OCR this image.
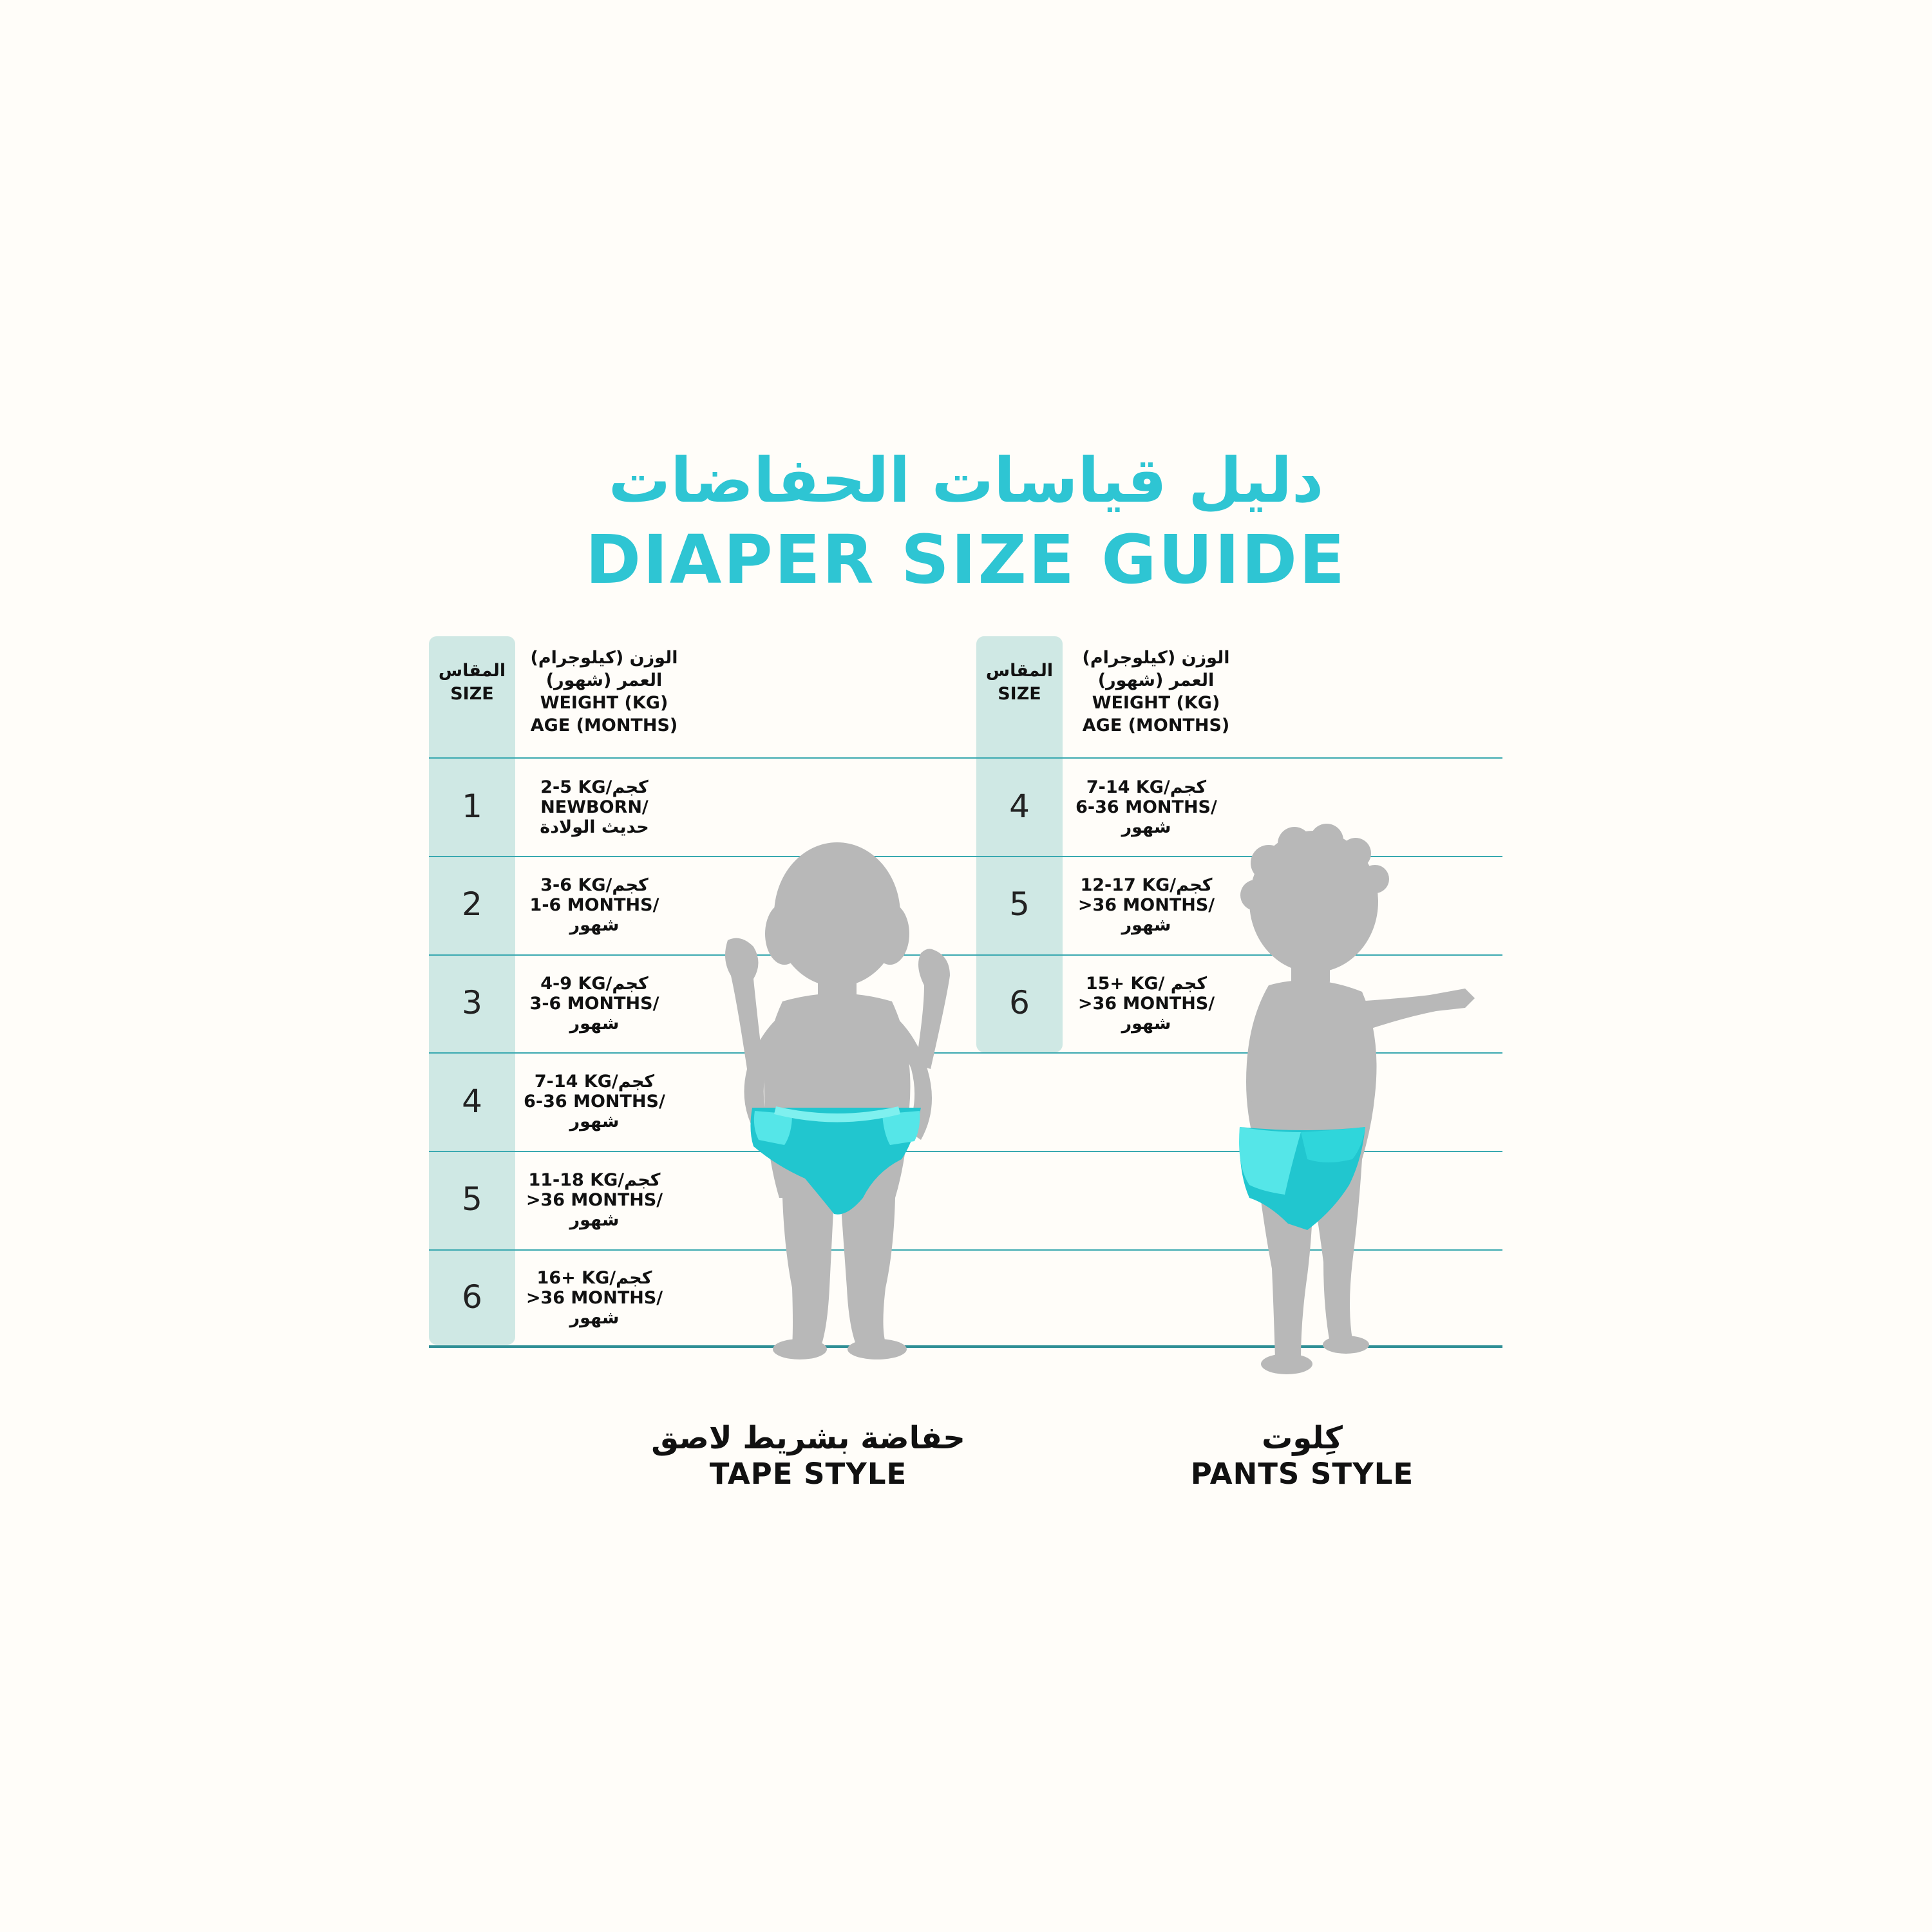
دليل قياسات الحفاضات
DIAPER SIZE GUIDE
المقاس
SIZE
الوزن (كيلوجرام)
العمر (شهور)
WEIGHT (KG)
AGE (MONTHS)
المقاس
SIZE
الوزن (كيلوجرام)
العمر (شهور)
WEIGHT (KG)
AGE (MONTHS)
1
2-5 KG/كجم
NEWBORN/
حديث الولادة
2
3-6 KG/كجم
1-6 MONTHS/
شهور
3
4-9 KG/كجم
3-6 MONTHS/
شهور
4
7-14 KG/كجم
6-36 MONTHS/
شهور
5
11-18 KG/كجم
>36 MONTHS/
شهور
6
16+ KG/كجم
>36 MONTHS/
شهور
4
7-14 KG/كجم
6-36 MONTHS/
شهور
5
12-17 KG/كجم
>36 MONTHS/
شهور
6
15+ KG/ كجم
>36 MONTHS/
شهور
حفاضة بشريط لاصق
TAPE STYLE
كِلوت
PANTS STYLE
